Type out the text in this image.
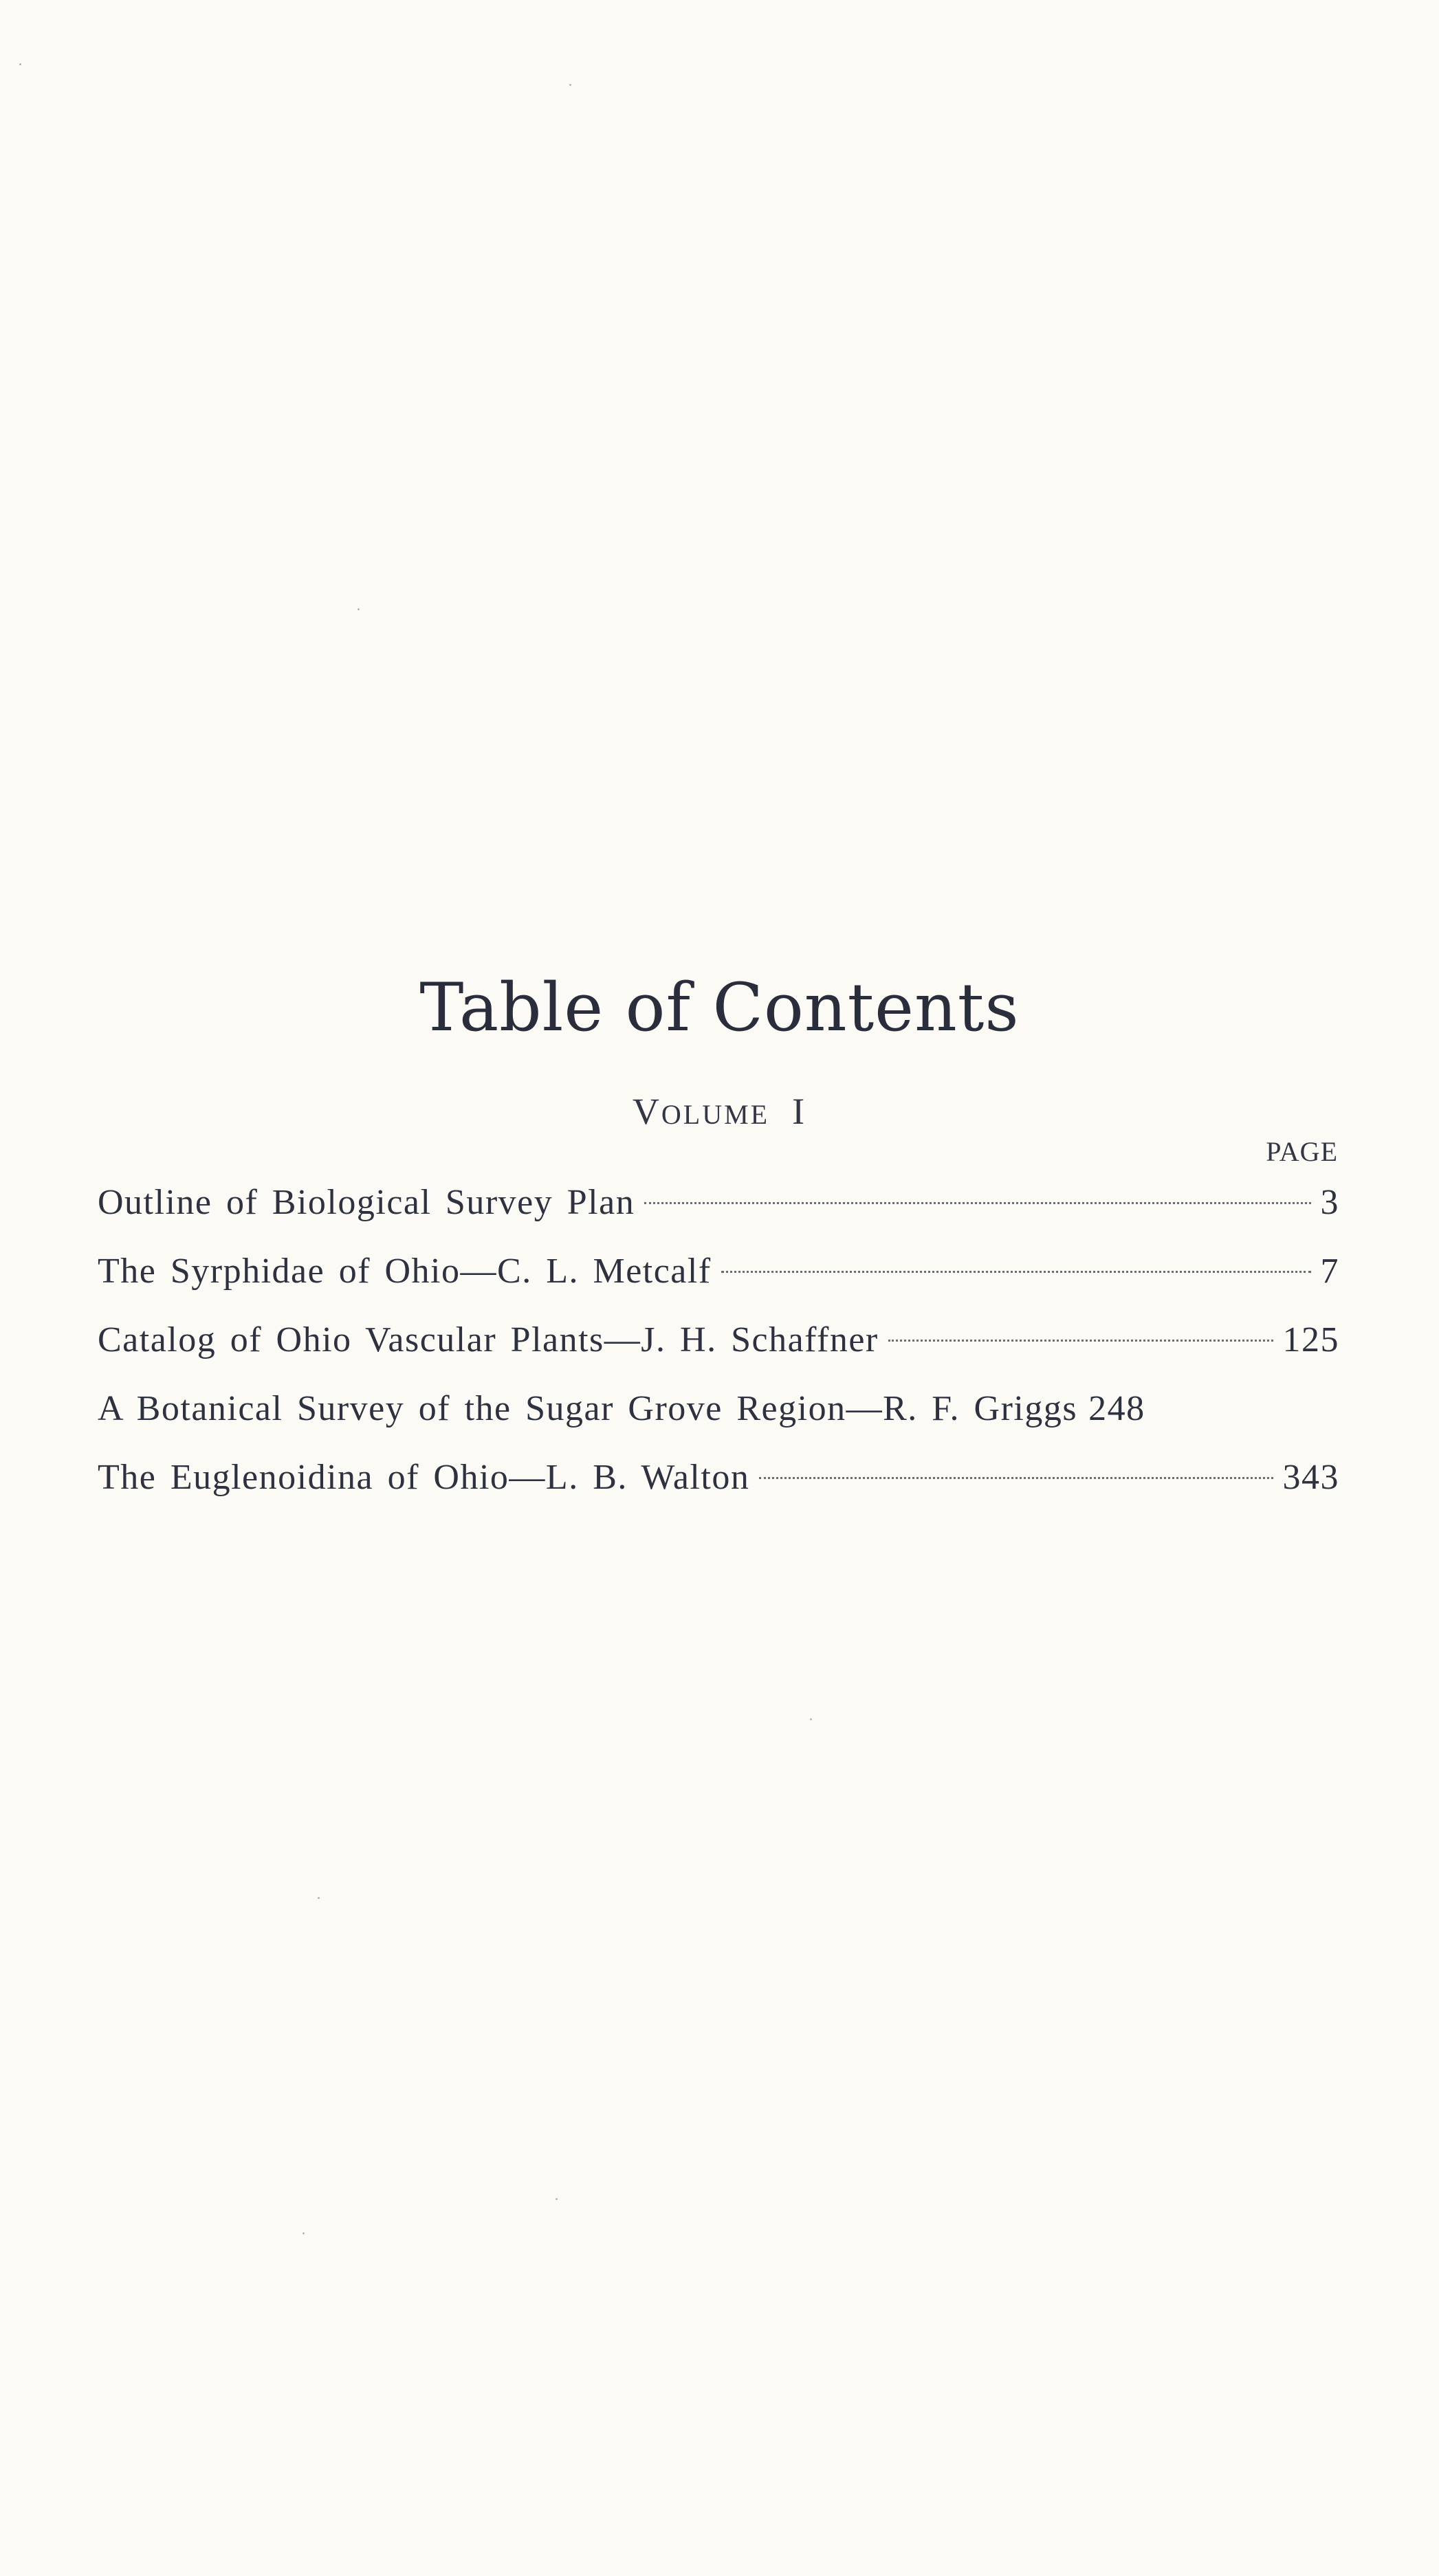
Table of Contents
VOLUME I
PAGE
Outline of Biological Survey Plan	3
The Syrphidae of Ohio—C. L. Metcalf	7
Catalog of Ohio Vascular Plants—J. H. Schaffner	125
A Botanical Survey of the Sugar Grove Region—R. F. Griggs 248
The Euglenoidina of Ohio—L. B. Walton	343
